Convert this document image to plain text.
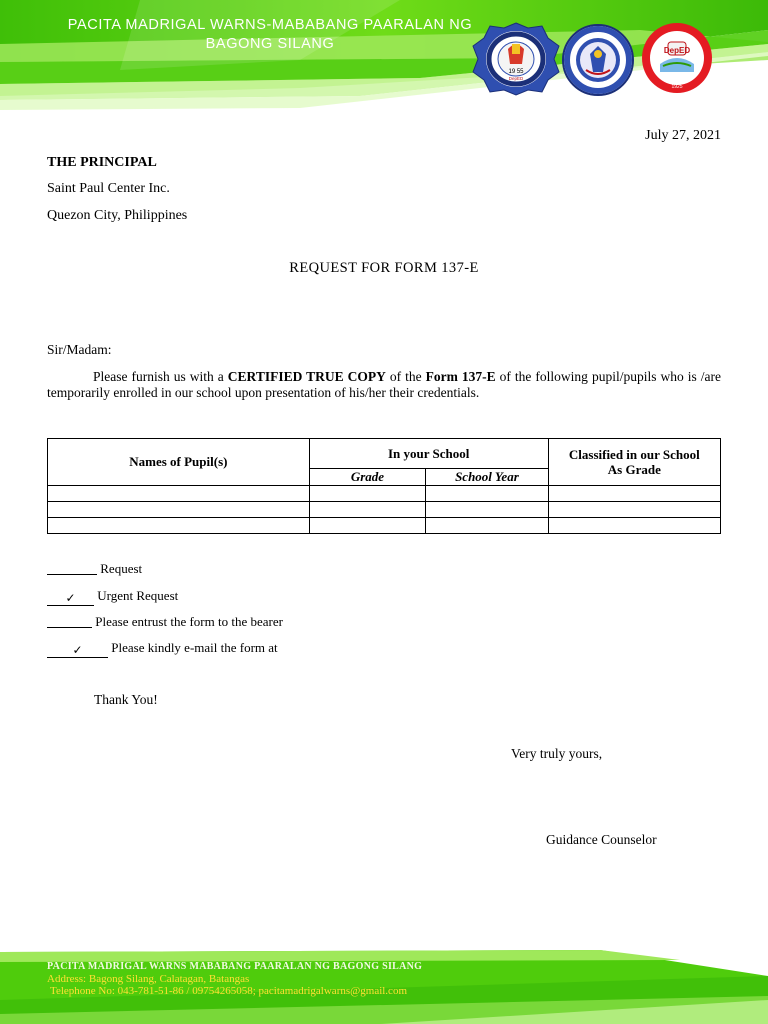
PACITA MADRIGAL WARNS-MABABANG PAARALAN NG
BAGONG SILANG
19 55
DepED
DepED
1925
July 27, 2021
THE PRINCIPAL
Saint Paul Center Inc.
Quezon City, Philippines
REQUEST FOR FORM 137-E
Sir/Madam:
Please furnish us with a CERTIFIED TRUE COPY of the Form 137-E of the following pupil/pupils who is /are temporarily enrolled in our school upon presentation of his/her their credentials.
Names of Pupil(s)	In your School		Classified in our School
As Grade

	Grade	School Year	

Request
✓ Urgent Request
Please entrust the form to the bearer
✓ Please kindly e-mail the form at
Thank You!
Very truly yours,
Guidance Counselor
PACITA MADRIGAL WARNS MABABANG PAARALAN NG BAGONG SILANG
Address: Bagong Silang, Calatagan, Batangas
Telephone No: 043-781-51-86 / 09754265058; pacitamadrigalwarns@gmail.com
